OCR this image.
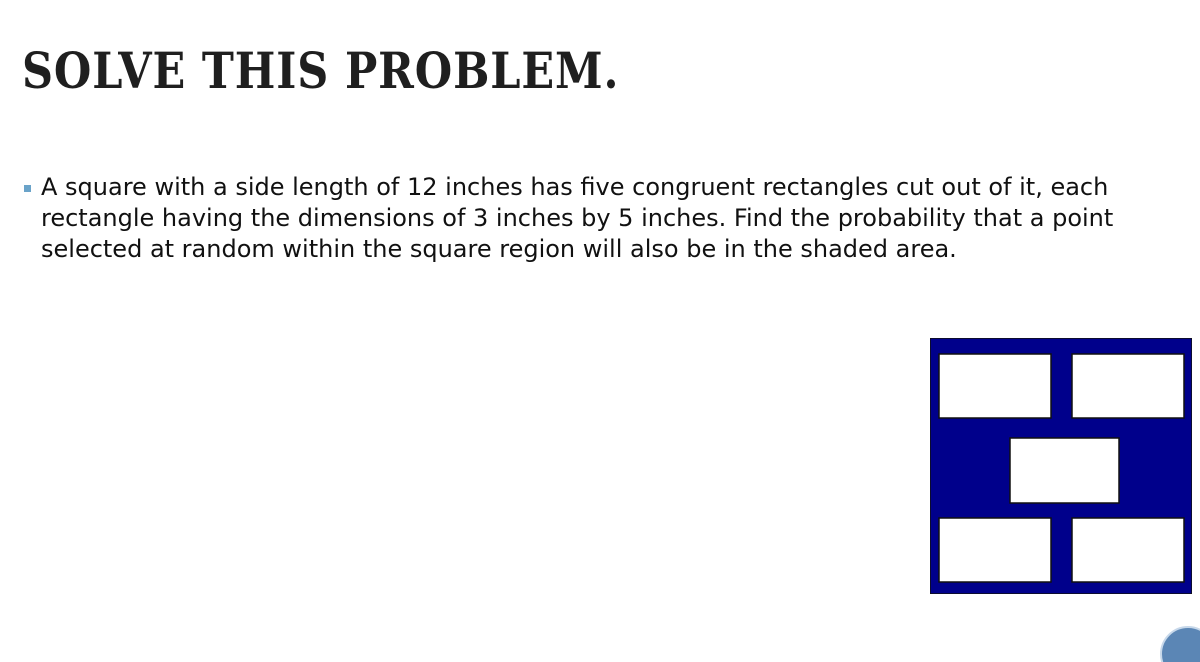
SOLVE THIS PROBLEM.

A square with a side length of 12 inches has five congruent rectangles cut out of it, each rectangle having the dimensions of 3 inches by 5 inches. Find the probability that a point selected at random within the square region will also be in the shaded area.
